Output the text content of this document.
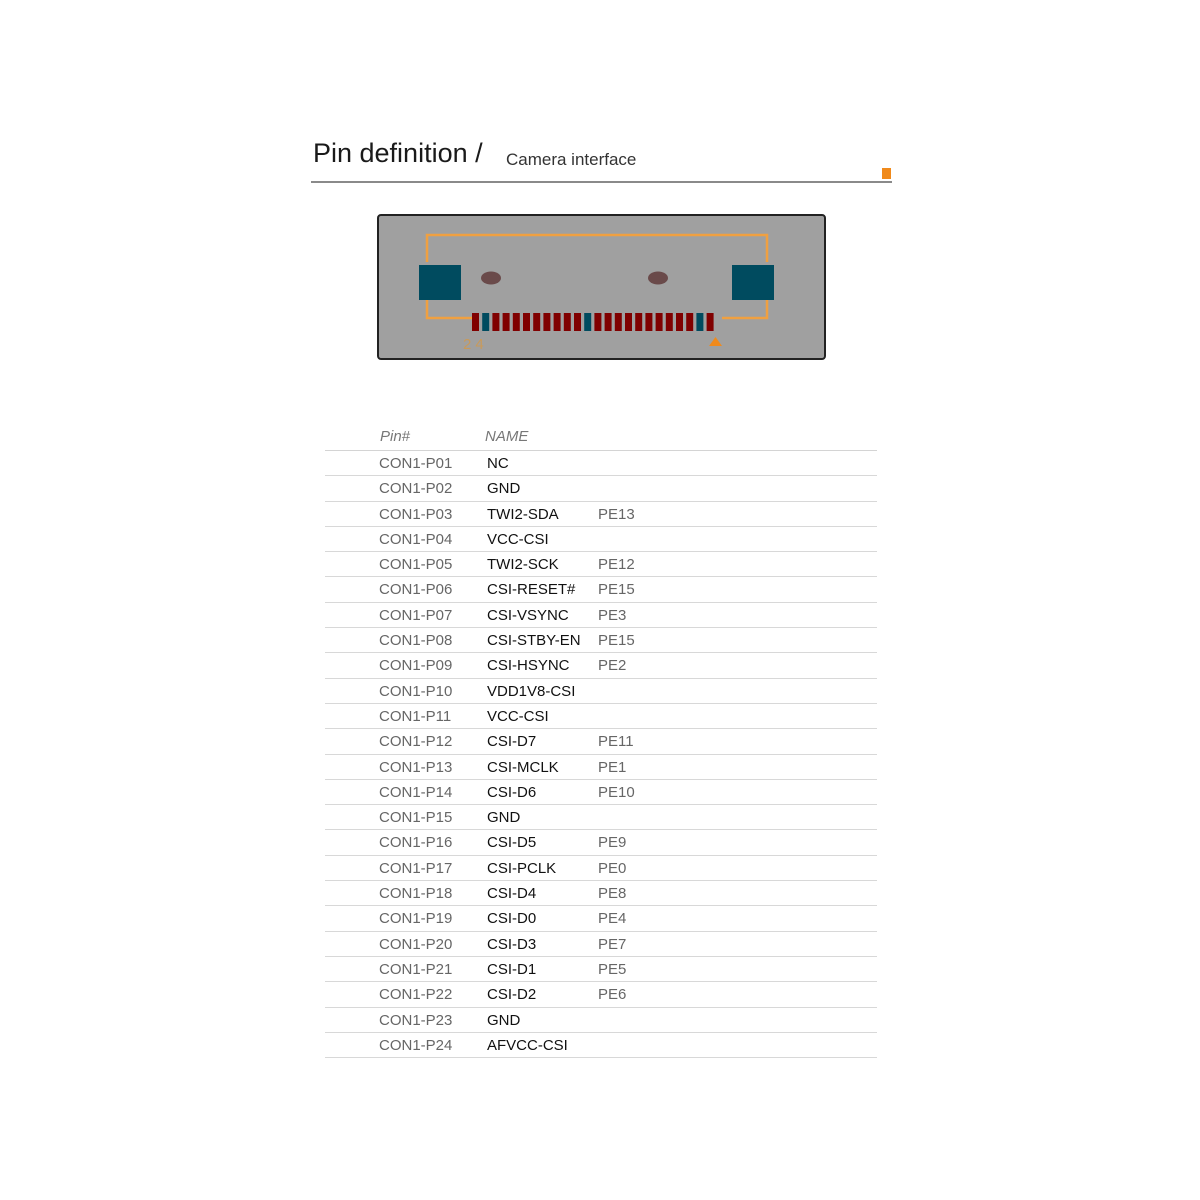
Pin definition / Camera interface
24
Pin#	NAME
CON1-P01 NC
CON1-P02 GND
CON1-P03 TWI2-SDA	PE13
CON1-P04 VCC-CSI
CON1-P05 TWI2-SCK	PE12
CON1-P06 CSI-RESET# PE15
CON1-P07 CSI-VSYNC PE3
CON1-P08 CSI-STBY-EN PE15
CON1-P09 CSI-HSYNC PE2
CON1-P10 VDD1V8-CSI
CON1-P11 VCC-CSI
CON1-P12 CSI-D7	PE11
CON1-P13 CSI-MCLK	PE1
CON1-P14 CSI-D6	PE10
CON1-P15 GND
CON1-P16 CSI-D5	PE9
CON1-P17 CSI-PCLK	PE0
CON1-P18 CSI-D4	PE8
CON1-P19 CSI-D0	PE4
CON1-P20 CSI-D3	PE7
CON1-P21 CSI-D1	PE5
CON1-P22 CSI-D2	PE6
CON1-P23 GND
CON1-P24 AFVCC-CSI
